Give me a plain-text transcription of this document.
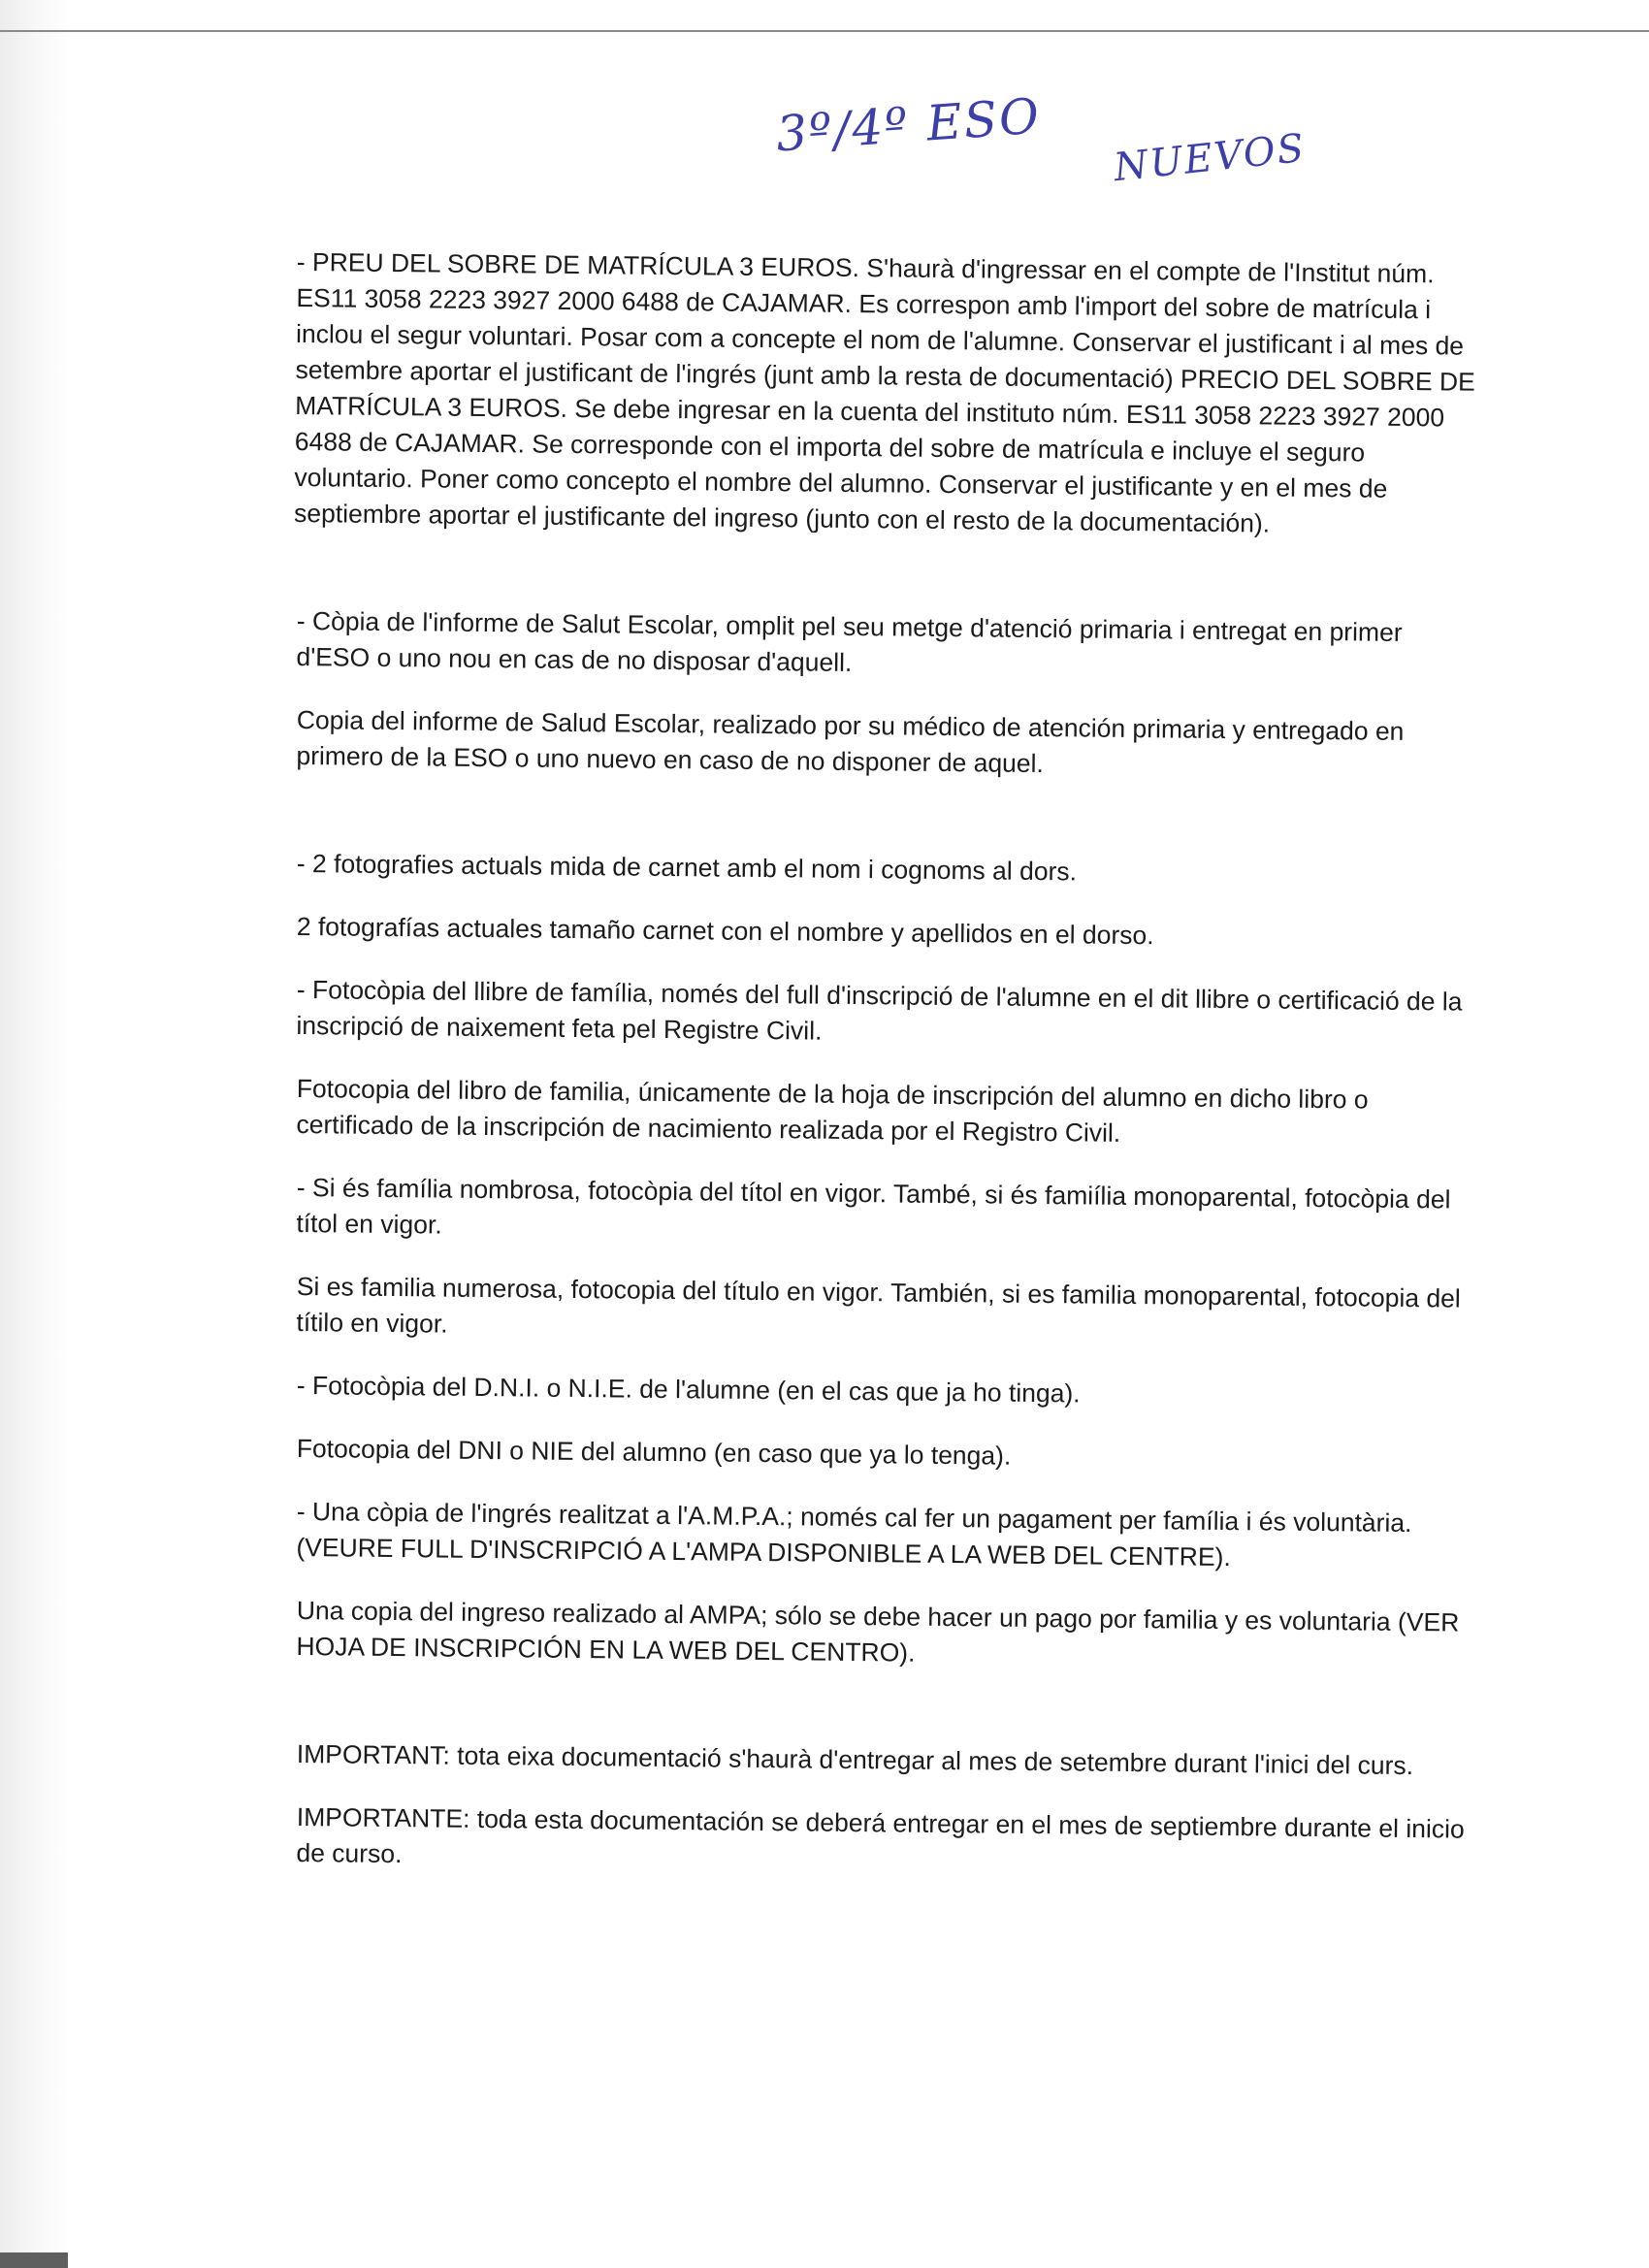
3º/4º ESO NUEVOS

- PREU DEL SOBRE DE MATRÍCULA 3 EUROS. S'haurà d'ingressar en el compte de l'Institut núm. ES11 3058 2223 3927 2000 6488 de CAJAMAR. Es correspon amb l'import del sobre de matrícula i inclou el segur voluntari. Posar com a concepte el nom de l'alumne. Conservar el justificant i al mes de setembre aportar el justificant de l'ingrés (junt amb la resta de documentació) PRECIO DEL SOBRE DE MATRÍCULA 3 EUROS. Se debe ingresar en la cuenta del instituto núm. ES11 3058 2223 3927 2000 6488 de CAJAMAR. Se corresponde con el importa del sobre de matrícula e incluye el seguro voluntario. Poner como concepto el nombre del alumno. Conservar el justificante y en el mes de septiembre aportar el justificante del ingreso (junto con el resto de la documentación).

- Còpia de l'informe de Salut Escolar, omplit pel seu metge d'atenció primaria i entregat en primer d'ESO o uno nou en cas de no disposar d'aquell.

Copia del informe de Salud Escolar, realizado por su médico de atención primaria y entregado en primero de la ESO o uno nuevo en caso de no disponer de aquel.

- 2 fotografies actuals mida de carnet amb el nom i cognoms al dors.

2 fotografías actuales tamaño carnet con el nombre y apellidos en el dorso.

- Fotocòpia del llibre de família, només del full d'inscripció de l'alumne en el dit llibre o certificació de la inscripció de naixement feta pel Registre Civil.

Fotocopia del libro de familia, únicamente de la hoja de inscripción del alumno en dicho libro o certificado de la inscripción de nacimiento realizada por el Registro Civil.

- Si és família nombrosa, fotocòpia del títol en vigor. També, si és famiília monoparental, fotocòpia del títol en vigor.

Si es familia numerosa, fotocopia del título en vigor. También, si es familia monoparental, fotocopia del títilo en vigor.

- Fotocòpia del D.N.I. o N.I.E. de l'alumne (en el cas que ja ho tinga).

Fotocopia del DNI o NIE del alumno (en caso que ya lo tenga).

- Una còpia de l'ingrés realitzat a l'A.M.P.A.; només cal fer un pagament per família i és voluntària. (VEURE FULL D'INSCRIPCIÓ A L'AMPA DISPONIBLE A LA WEB DEL CENTRE).

Una copia del ingreso realizado al AMPA; sólo se debe hacer un pago por familia y es voluntaria (VER HOJA DE INSCRIPCIÓN EN LA WEB DEL CENTRO).

IMPORTANT: tota eixa documentació s'haurà d'entregar al mes de setembre durant l'inici del curs.

IMPORTANTE: toda esta documentación se deberá entregar en el mes de septiembre durante el inicio de curso.
